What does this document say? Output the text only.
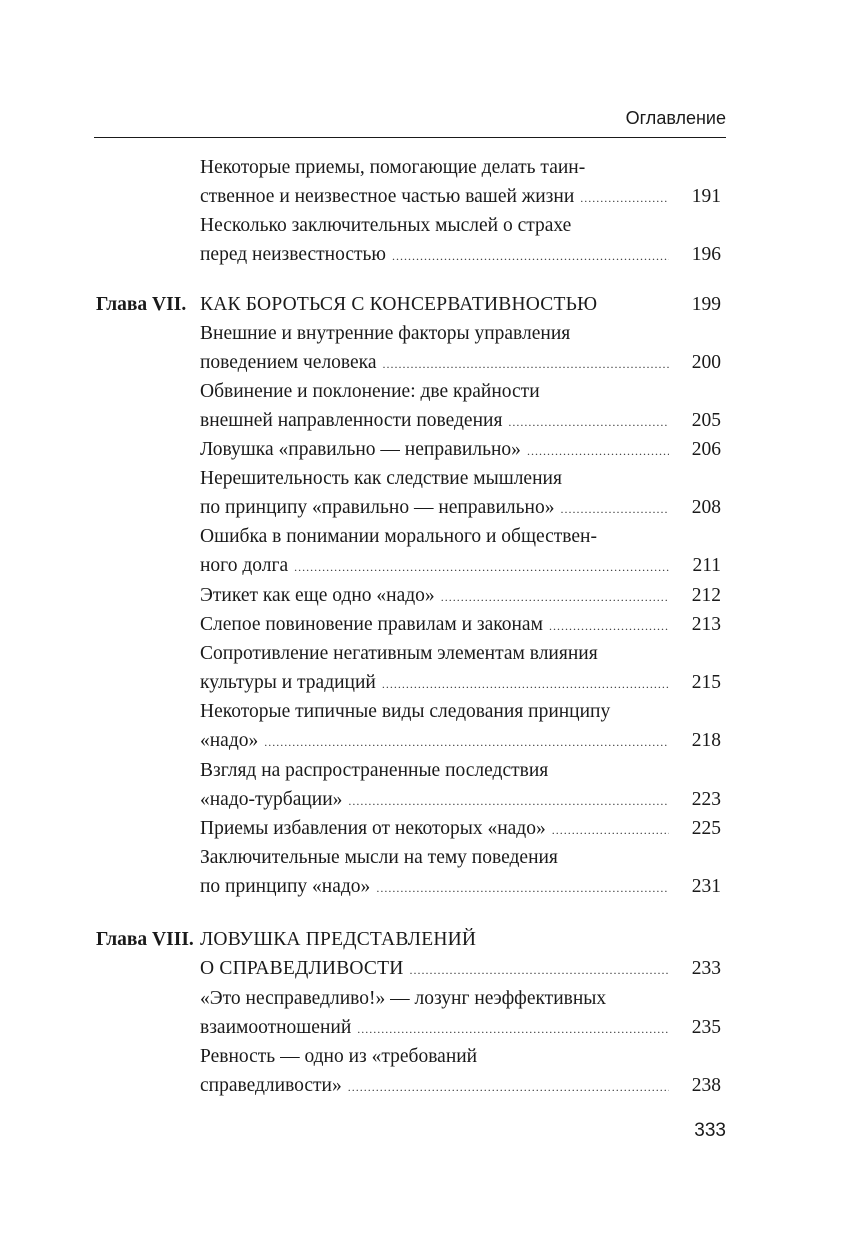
Оглавление
Некоторые приемы, помогающие делать таин-
ственное и неизвестное частью вашей жизни .....	191
Несколько заключительных мыслей о страхе
перед неизвестностью .....	196
Глава VII. КАК БОРОТЬСЯ С КОНСЕРВАТИВНОСТЬЮ	199
Внешние и внутренние факторы управления
поведением человека .....	200
Обвинение и поклонение: две крайности
внешней направленности поведения .....	205
Ловушка «правильно — неправильно» .....	206
Нерешительность как следствие мышления
по принципу «правильно — неправильно» .....	208
Ошибка в понимании морального и обществен-
ного долга .....	211
Этикет как еще одно «надо» .....	212
Слепое повиновение правилам и законам .....	213
Сопротивление негативным элементам влияния
культуры и традиций .....	215
Некоторые типичные виды следования принципу
«надо» .....	218
Взгляд на распространенные последствия
«надо-турбации» .....	223
Приемы избавления от некоторых «надо» .....	225
Заключительные мысли на тему поведения
по принципу «надо» .....	231
Глава VIII. ЛОВУШКА ПРЕДСТАВЛЕНИЙ
О СПРАВЕДЛИВОСТИ .....	233
«Это несправедливо!» — лозунг неэффективных
взаимоотношений .....	235
Ревность — одно из «требований
справедливости» .....	238
333
